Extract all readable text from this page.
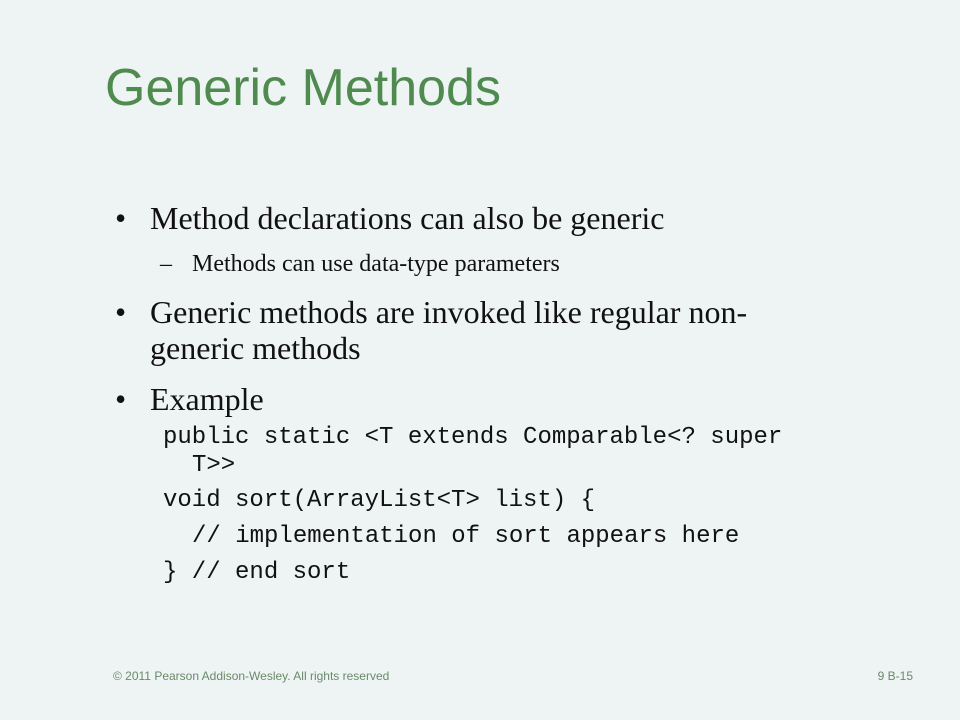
Generic Methods
• Method declarations can also be generic
– Methods can use data-type parameters
• Generic methods are invoked like regular non-
generic methods
• Example
public static <T extends Comparable<? super
T>>
void sort(ArrayList<T> list) {
// implementation of sort appears here
} // end sort
© 2011 Pearson Addison-Wesley. All rights reserved	9 B-15
